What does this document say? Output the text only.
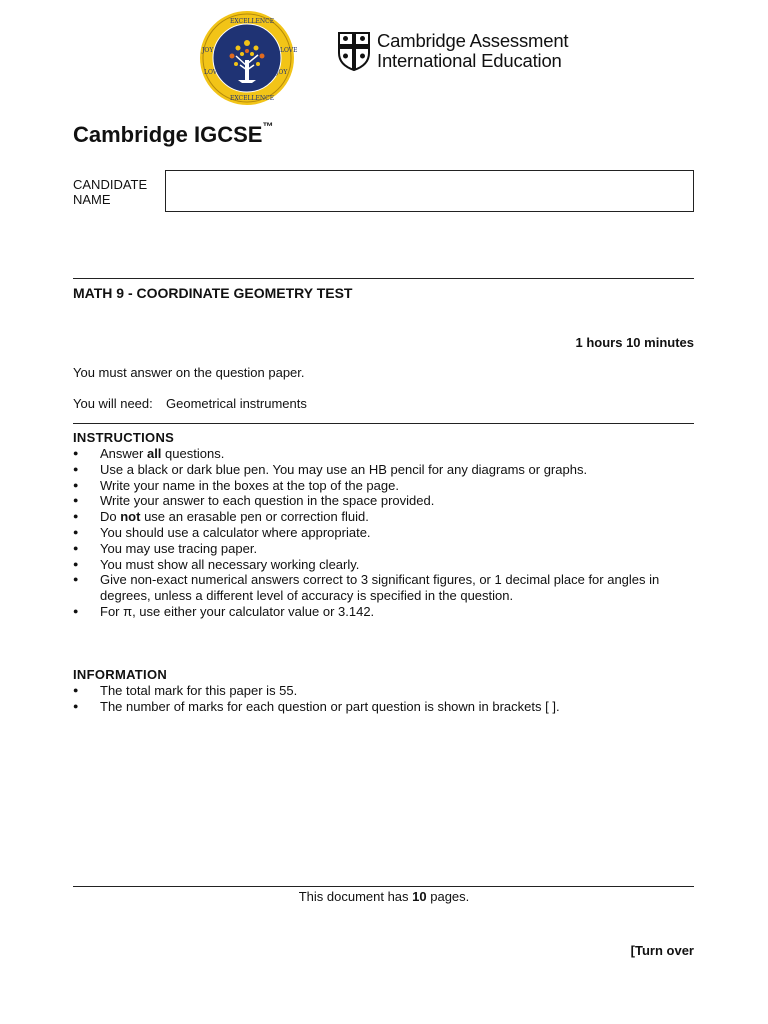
EXCELLENCE
LOVE
JOY
EXCELLENCE
JOY
LOVE
Cambridge Assessment
International Education
Cambridge IGCSE™
CANDIDATE
NAME
MATH 9 - COORDINATE GEOMETRY TEST
1 hours 10 minutes
You must answer on the question paper.
You will need: Geometrical instruments
INSTRUCTIONS
● Answer all questions.
● Use a black or dark blue pen. You may use an HB pencil for any diagrams or graphs.
● Write your name in the boxes at the top of the page.
● Write your answer to each question in the space provided.
● Do not use an erasable pen or correction fluid.
● You should use a calculator where appropriate.
● You may use tracing paper.
● You must show all necessary working clearly.
● Give non-exact numerical answers correct to 3 significant figures, or 1 decimal place for angles in degrees, unless a different level of accuracy is specified in the question.
● For π, use either your calculator value or 3.142.
INFORMATION
● The total mark for this paper is 55.
● The number of marks for each question or part question is shown in brackets [ ].
This document has 10 pages.
[Turn over
